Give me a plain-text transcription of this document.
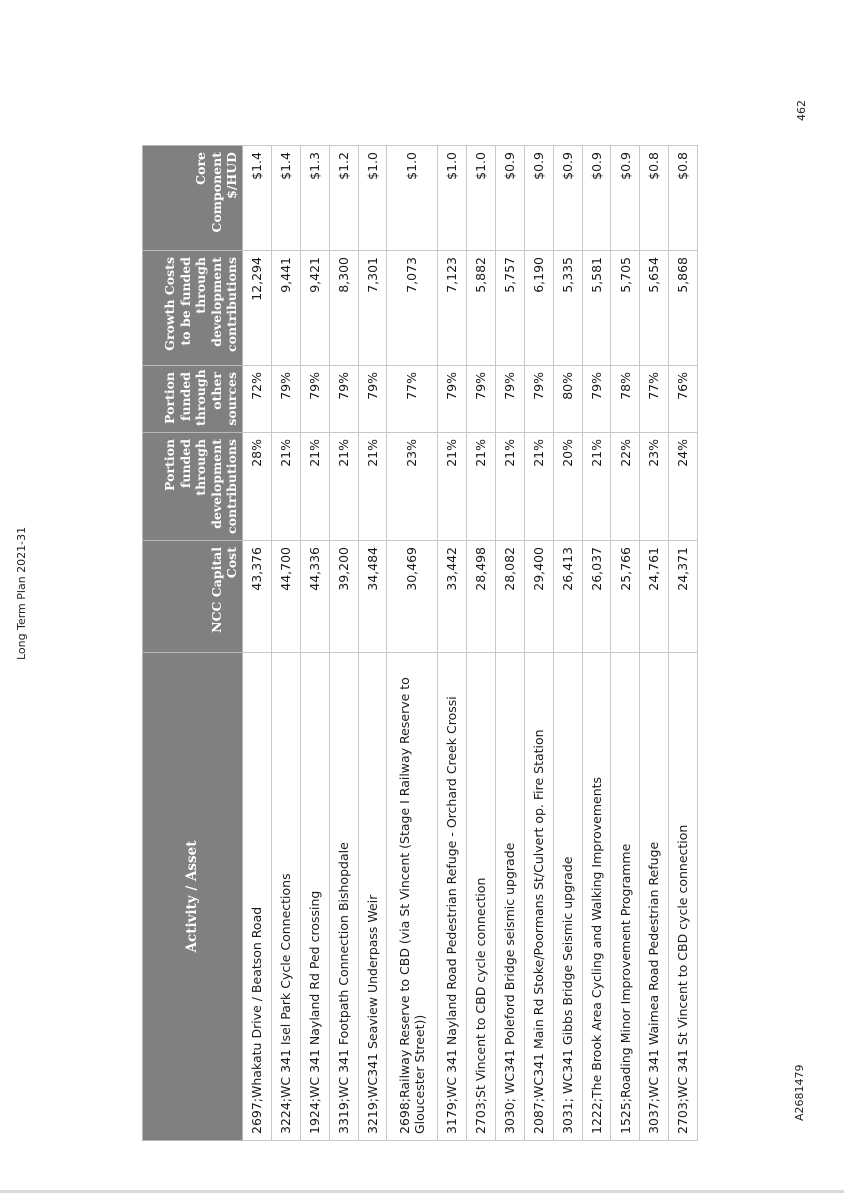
Long Term Plan 2021-31
462
A2681479
Activity / Asset	NCC Capital Cost	Portion funded through development contributions	Portion funded through other sources	Growth Costs to be funded through development contributions	Core Component $/HUD
2697;Whakatu Drive / Beatson Road	43,376	28%	72%	12,294	$1.4
3224;WC 341 Isel Park Cycle Connections	44,700	21%	79%	9,441	$1.4
1924;WC 341 Nayland Rd Ped crossing	44,336	21%	79%	9,421	$1.3
3319;WC 341 Footpath Connection Bishopdale	39,200	21%	79%	8,300	$1.2
3219;WC341 Seaview Underpass Weir	34,484	21%	79%	7,301	$1.0
2698;Railway Reserve to CBD (via St Vincent (Stage I Railway Reserve to Gloucester Street))	30,469	23%	77%	7,073	$1.0
3179;WC 341 Nayland Road Pedestrian Refuge - Orchard Creek Crossi	33,442	21%	79%	7,123	$1.0
2703;St Vincent to CBD cycle connection	28,498	21%	79%	5,882	$1.0
3030; WC341 Poleford Bridge seismic upgrade	28,082	21%	79%	5,757	$0.9
2087;WC341 Main Rd Stoke/Poormans St/Culvert op. Fire Station	29,400	21%	79%	6,190	$0.9
3031; WC341 Gibbs Bridge Seismic upgrade	26,413	20%	80%	5,335	$0.9
1222;The Brook Area Cycling and Walking Improvements	26,037	21%	79%	5,581	$0.9
1525;Roading Minor Improvement Programme	25,766	22%	78%	5,705	$0.9
3037;WC 341 Waimea Road Pedestrian Refuge	24,761	23%	77%	5,654	$0.8
2703;WC 341 St Vincent to CBD cycle connection	24,371	24%	76%	5,868	$0.8
